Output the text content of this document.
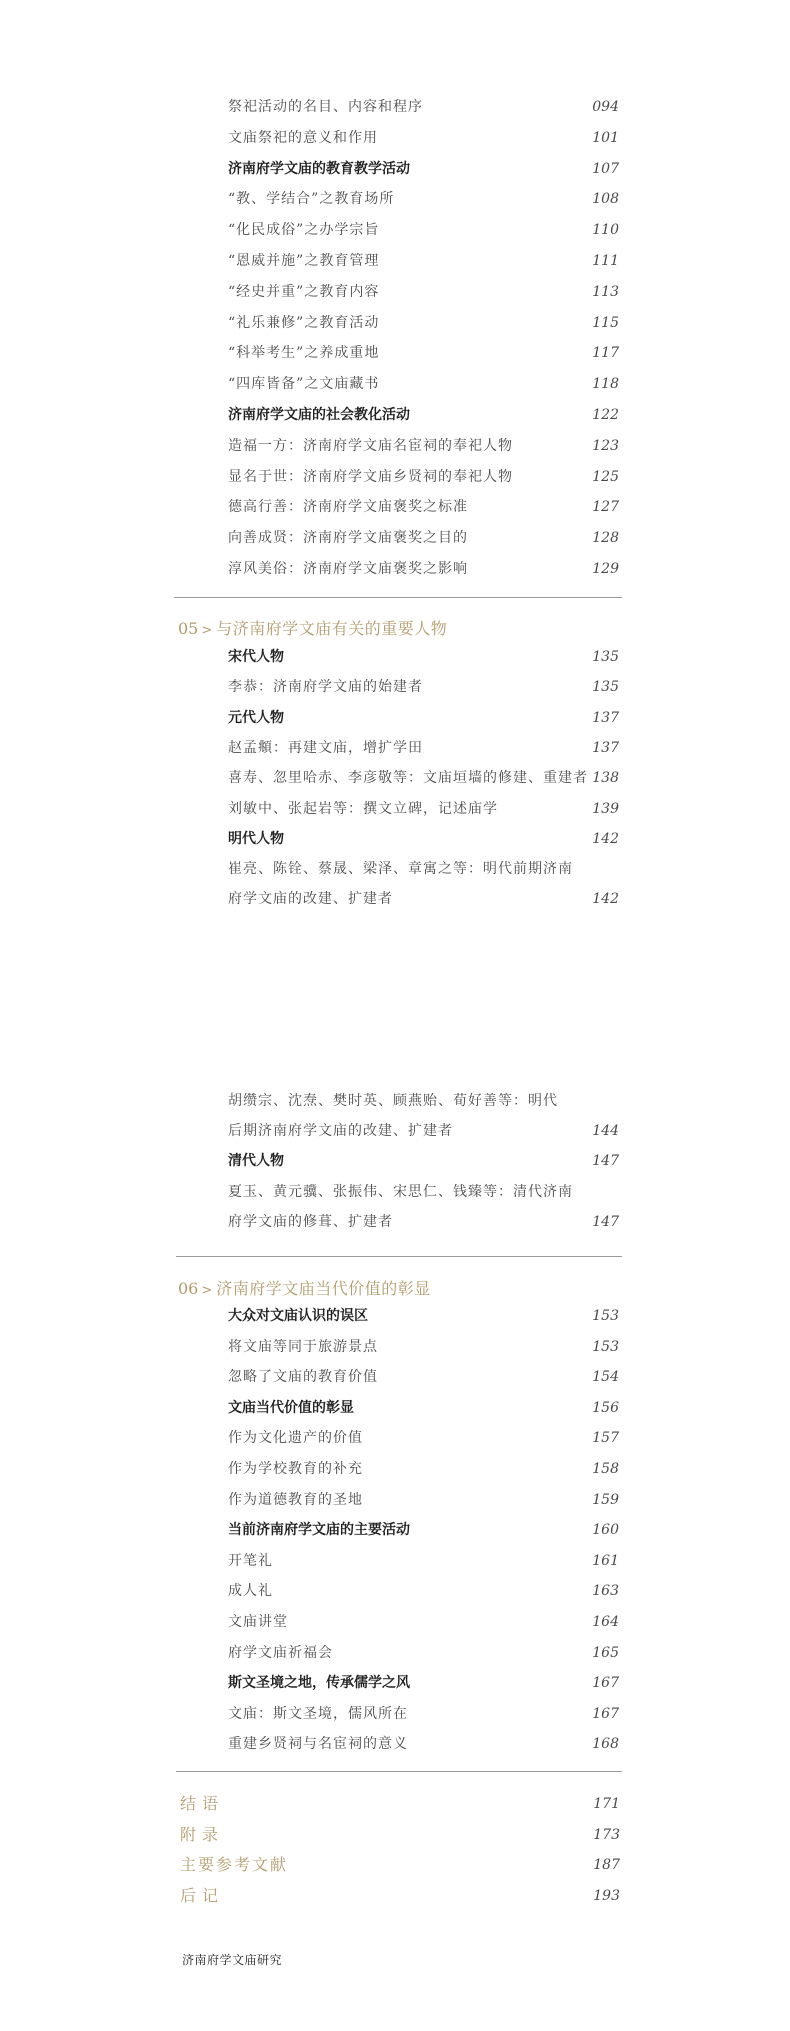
祭祀活动的名目、内容和程序	094
文庙祭祀的意义和作用	101
济南府学文庙的教育教学活动	107
“教、学结合”之教育场所	108
“化民成俗”之办学宗旨	110
“恩威并施”之教育管理	111
“经史并重”之教育内容	113
“礼乐兼修”之教育活动	115
“科举考生”之养成重地	117
“四库皆备”之文庙藏书	118
济南府学文庙的社会教化活动	122
造福一方：济南府学文庙名宦祠的奉祀人物	123
显名于世：济南府学文庙乡贤祠的奉祀人物	125
德高行善：济南府学文庙褒奖之标准	127
向善成贤：济南府学文庙褒奖之目的	128
淳风美俗：济南府学文庙褒奖之影响	129
05 > 与济南府学文庙有关的重要人物
宋代人物	135
李恭：济南府学文庙的始建者	135
元代人物	137
赵孟頫：再建文庙，增扩学田	137
喜寿、忽里哈赤、李彦敬等：文庙垣墙的修建、重建者 138
刘敏中、张起岩等：撰文立碑，记述庙学	139
明代人物	142
崔亮、陈铨、蔡晟、梁泽、章寓之等：明代前期济南
府学文庙的改建、扩建者	142
胡缵宗、沈焘、樊时英、顾燕贻、荀好善等：明代
后期济南府学文庙的改建、扩建者	144
清代人物	147
夏玉、黄元骥、张振伟、宋思仁、钱臻等：清代济南
府学文庙的修葺、扩建者	147
06 > 济南府学文庙当代价值的彰显
大众对文庙认识的误区	153
将文庙等同于旅游景点	153
忽略了文庙的教育价值	154
文庙当代价值的彰显	156
作为文化遗产的价值	157
作为学校教育的补充	158
作为道德教育的圣地	159
当前济南府学文庙的主要活动	160
开笔礼	161
成人礼	163
文庙讲堂	164
府学文庙祈福会	165
斯文圣境之地，传承儒学之风	167
文庙：斯文圣境，儒风所在	167
重建乡贤祠与名宦祠的意义	168
结语	171
附录	173
主要参考文献	187
后记	193
济南府学文庙研究
